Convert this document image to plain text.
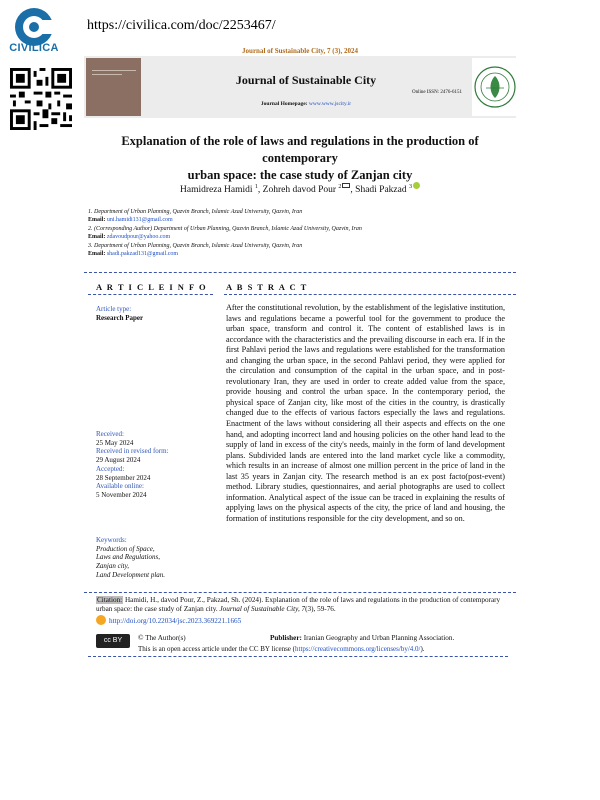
CIVILICA
https://civilica.com/doc/2253467/
Journal of Sustainable City, 7 (3), 2024
Journal of Sustainable City
Online ISSN: 2476-6151
Journal Homepage: www.www.jscity.ir
Explanation of the role of laws and regulations in the production of contemporary
urban space: the case study of Zanjan city
Hamidreza Hamidi $^1$, Zohreh davod Pour $^2$ , Shadi Pakzad $^3$
1. Department of Urban Planning, Qazvin Branch, Islamic Azad University, Qazvin, Iran
Email: uni.hamidi131@gmail.com
2. (Corresponding Author) Department of Urban Planning, Qazvin Branch, Islamic Azad University, Qazvin, Iran
Email: zdavoudpour@yahoo.com
3. Department of Urban Planning, Qazvin Branch, Islamic Azad University, Qazvin, Iran
Email: shadi.pakzad131@gmail.com
A R T I C L E I N F O A B S T R A C T
Article type:
Research Paper
Received:
25 May 2024
Received in revised form:
29 August 2024
Accepted:
28 September 2024
Available online:
5 November 2024
Keywords:
Production of Space,
Laws and Regulations,
Zanjan city,
Land Development plan.
After the constitutional revolution, by the establishment of the legislative institution, laws and regulations became a powerful tool for the government to produce the urban space, transform and control it. The content of established laws is in accordance with the characteristics and the prevailing discourse in each era. If in the first Pahlavi period the laws and regulations were established for the transformation and changing the urban space, in the second Pahlavi period, they were applied for the circulation and consumption of the capital in the urban space, and in post-revolutionary Iran, they are used in order to create added value from the space, provide housing and control the urban space. In the contemporary period, the physical space of Zanjan city, like most of the cities in the country, is drastically changed due to the effects of various factors especially the laws and regulations. Enactment of the laws without considering all their aspects and effects on the one hand, and adopting incorrect land and housing policies on the other hand lead to the supply of land in excess of the city's needs, mainly in the form of land development plans. Subdivided lands are entered into the land market cycle like a commodity, which results in an increase of almost one million percent in the price of land in the last 35 years in Zanjan city. The research method is an ex post facto(post-event) method. Library studies, questionnaires, and aerial photographs are used to collect information. Analytical aspect of the issue can be traced in explaining the results of applying laws on the physical aspects of the city, the price of land and housing, the formation of institutions responsible for the city development, and so on.
Citation: Hamidi, H., davod Pour, Z., Pakzad, Sh. (2024). Explanation of the role of laws and regulations in the production of contemporary urban space: the case study of Zanjan city. Journal of Sustainable City, 7(3), 59-76.
http://doi.org/10.22034/jsc.2023.369221.1665
cc BY	© The Author(s)	Publisher: Iranian Geography and Urban Planning Association.
This is an open access article under the CC BY license (https://creativecommons.org/licenses/by/4.0/).
